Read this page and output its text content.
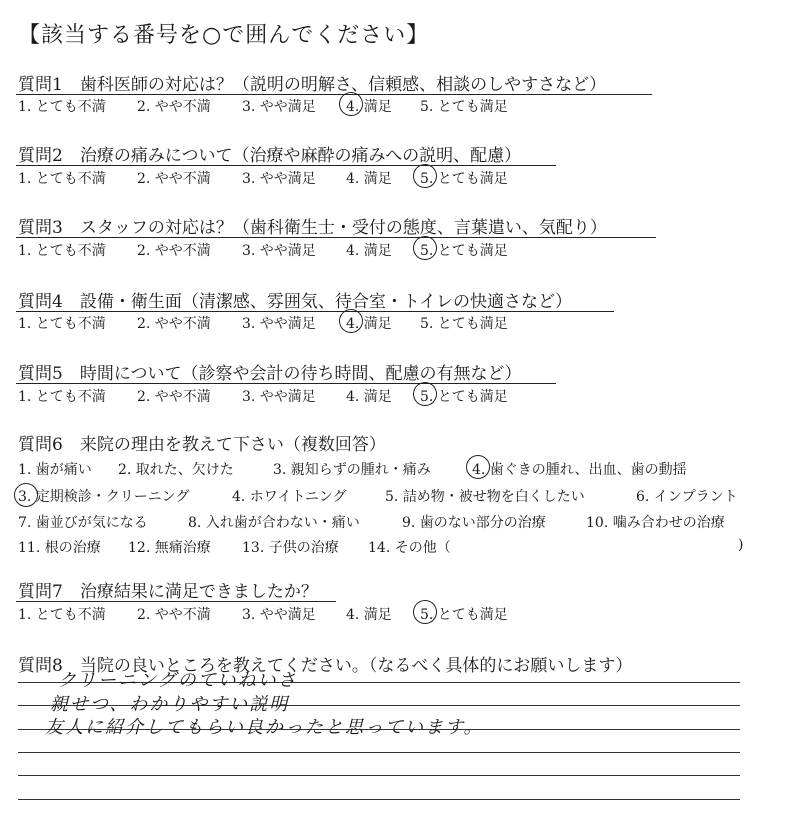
【該当する番号を○で囲んでください】
質問1　歯科医師の対応は？（説明の明解さ、信頼感、相談のしやすさなど）
1. とても不満 2. やや不満 3. やや満足 4. 満足 5. とても満足
質問2　治療の痛みについて（治療や麻酔の痛みへの説明、配慮）
1. とても不満 2. やや不満 3. やや満足 4. 満足 5. とても満足
質問3　スタッフの対応は？（歯科衛生士・受付の態度、言葉遣い、気配り）
1. とても不満 2. やや不満 3. やや満足 4. 満足 5. とても満足
質問4　設備・衛生面（清潔感、雰囲気、待合室・トイレの快適さなど）
1. とても不満 2. やや不満 3. やや満足 4. 満足 5. とても満足
質問5　時間について（診察や会計の待ち時間、配慮の有無など）
1. とても不満 2. やや不満 3. やや満足 4. 満足 5. とても満足
質問6　来院の理由を教えて下さい（複数回答）
1. 歯が痛い 2. 取れた、欠けた	3. 親知らずの腫れ・痛み	4. 歯ぐきの腫れ、出血、歯の動揺
3. 定期検診・クリーニング	4. ホワイトニング	5. 詰め物・被せ物を白くしたい	6. インプラント
7. 歯並びが気になる	8. 入れ歯が合わない・痛い	9. 歯のない部分の治療	10. 噛み合わせの治療
11. 根の治療 12. 無痛治療 13. 子供の治療 14. その他（	)
質問7　治療結果に満足できましたか？
1. とても不満 2. やや不満 3. やや満足 4. 満足 5. とても満足
質問8　当院の良いところを教えてください。（なるべく具体的にお願いします）
クリーニングのていねいさ
親せつ、わかりやすい説明
友人に紹介してもらい良かったと思っています。
